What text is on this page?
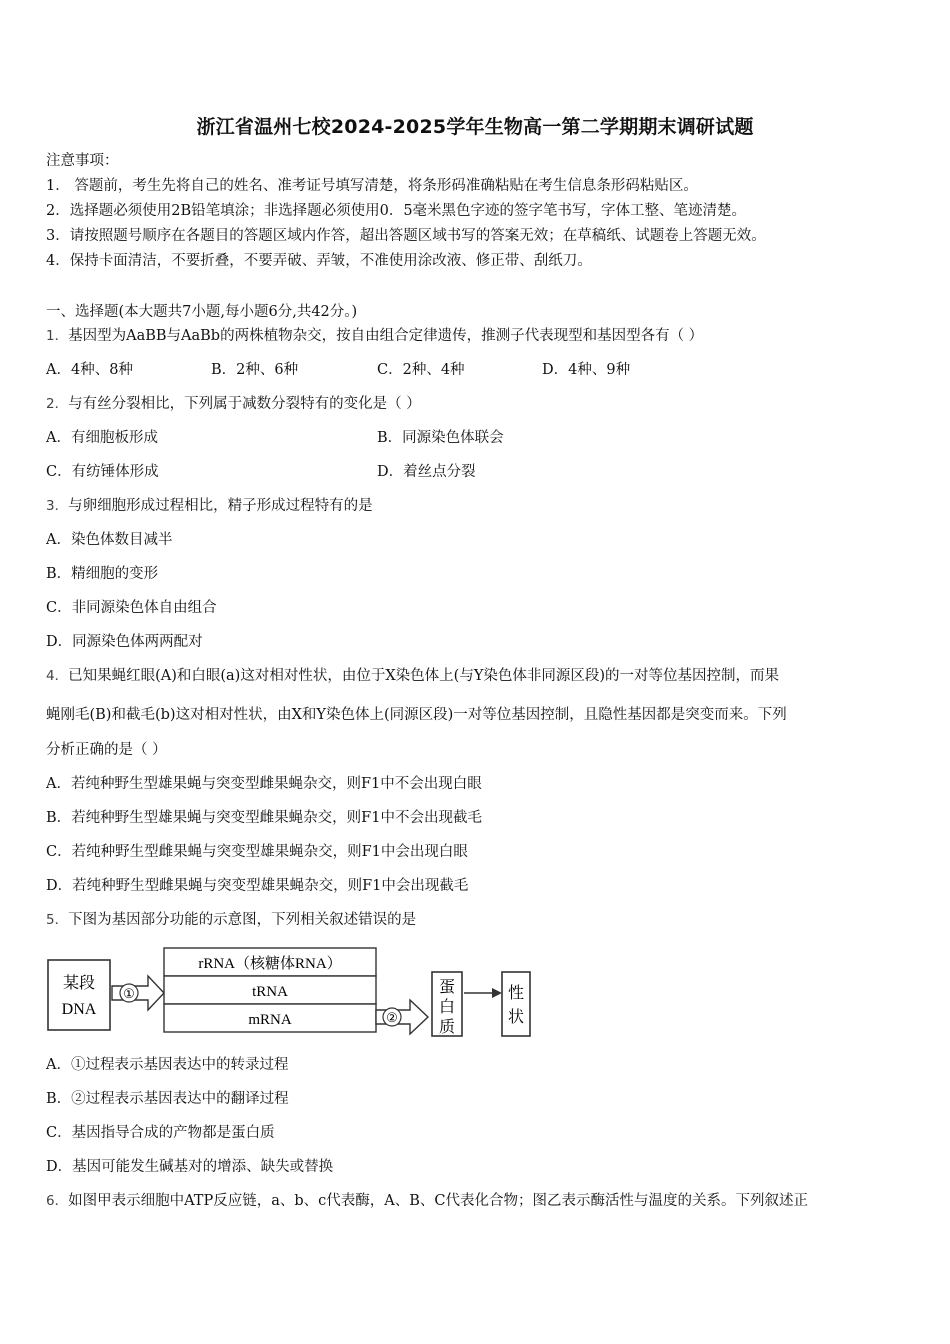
浙江省温州七校2024-2025学年生物高一第二学期期末调研试题
注意事项：
1． 答题前，考生先将自己的姓名、准考证号填写清楚，将条形码准确粘贴在考生信息条形码粘贴区。
2．选择题必须使用2B铅笔填涂；非选择题必须使用0．5毫米黑色字迹的签字笔书写，字体工整、笔迹清楚。
3．请按照题号顺序在各题目的答题区域内作答，超出答题区域书写的答案无效；在草稿纸、试题卷上答题无效。
4．保持卡面清洁，不要折叠，不要弄破、弄皱，不准使用涂改液、修正带、刮纸刀。
一、选择题(本大题共7小题,每小题6分,共42分。)
1．基因型为AaBB与AaBb的两株植物杂交，按自由组合定律遗传，推测子代表现型和基因型各有（ ）
A．4种、8种	B．2种、6种	C．2种、4种	D．4种、9种
2．与有丝分裂相比，下列属于减数分裂特有的变化是（ ）
A．有细胞板形成	B．同源染色体联会
C．有纺锤体形成	D．着丝点分裂
3．与卵细胞形成过程相比，精子形成过程特有的是
A．染色体数目减半
B．精细胞的变形
C．非同源染色体自由组合
D．同源染色体两两配对
4．已知果蝇红眼(A)和白眼(a)这对相对性状，由位于X染色体上(与Y染色体非同源区段)的一对等位基因控制，而果
蝇刚毛(B)和截毛(b)这对相对性状，由X和Y染色体上(同源区段)一对等位基因控制，且隐性基因都是突变而来。下列
分析正确的是（ ）
A．若纯种野生型雄果蝇与突变型雌果蝇杂交，则F1中不会出现白眼
B．若纯种野生型雄果蝇与突变型雌果蝇杂交，则F1中不会出现截毛
C．若纯种野生型雌果蝇与突变型雄果蝇杂交，则F1中会出现白眼
D．若纯种野生型雌果蝇与突变型雄果蝇杂交，则F1中会出现截毛
5．下图为基因部分功能的示意图，下列相关叙述错误的是
某段
DNA
①
rRNA（核糖体RNA）
tRNA
mRNA	②
蛋
白
质
性
状
A．①过程表示基因表达中的转录过程
B．②过程表示基因表达中的翻译过程
C．基因指导合成的产物都是蛋白质
D．基因可能发生碱基对的增添、缺失或替换
6．如图甲表示细胞中ATP反应链，a、b、c代表酶，A、B、C代表化合物；图乙表示酶活性与温度的关系。下列叙述正
